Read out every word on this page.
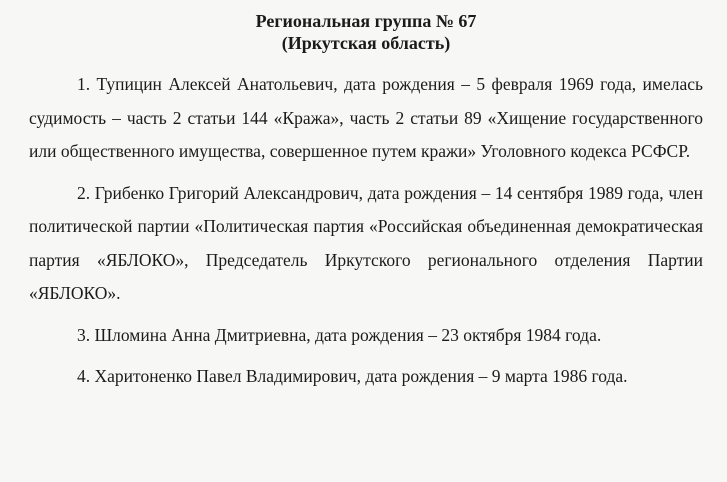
Региональная группа № 67
(Иркутская область)

1. Тупицин Алексей Анатольевич, дата рождения – 5 февраля 1969 года, имелась судимость – часть 2 статьи 144 «Кража», часть 2 статьи 89 «Хищение государственного или общественного имущества, совершенное путем кражи» Уголовного кодекса РСФСР.

2. Грибенко Григорий Александрович, дата рождения – 14 сентября 1989 года, член политической партии «Политическая партия «Российская объединенная демократическая партия «ЯБЛОКО», Председатель Иркутского регионального отделения Партии «ЯБЛОКО».

3. Шломина Анна Дмитриевна, дата рождения – 23 октября 1984 года.

4. Харитоненко Павел Владимирович, дата рождения – 9 марта 1986 года.
